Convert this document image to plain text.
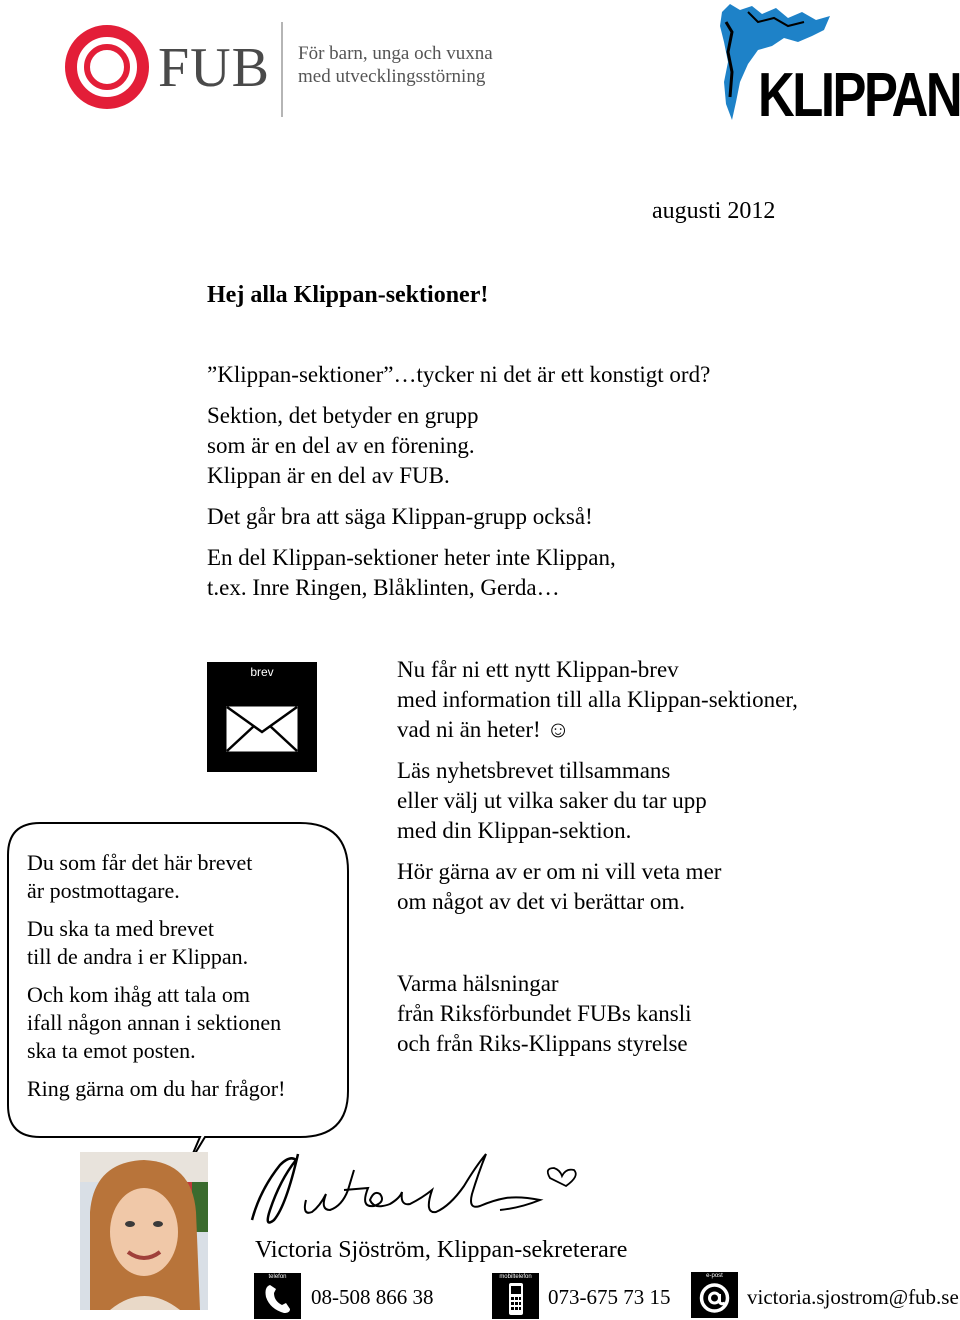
FUB För barn, unga och vuxna
med utvecklingsstörning	KLIPPAN
augusti 2012
Hej alla Klippan-sektioner!

”Klippan-sektioner”…tycker ni det är ett konstigt ord?

Sektion, det betyder en grupp
som är en del av en förening.
Klippan är en del av FUB.

Det går bra att säga Klippan-grupp också!

En del Klippan-sektioner heter inte Klippan,
t.ex. Inre Ringen, Blåklinten, Gerda…

brev	Nu får ni ett nytt Klippan-brev
med information till alla Klippan-sektioner,
vad ni än heter! ☺

Läs nyhetsbrevet tillsammans
eller välj ut vilka saker du tar upp
med din Klippan-sektion.

Hör gärna av er om ni vill veta mer
om något av det vi berättar om.

Varma hälsningar
från Riksförbundet FUBs kansli
och från Riks-Klippans styrelse

Du som får det här brevet
är postmottagare.

Du ska ta med brevet
till de andra i er Klippan.

Och kom ihåg att tala om
ifall någon annan i sektionen
ska ta emot posten.

Ring gärna om du har frågor!

Victoria Sjöström, Klippan-sekreterare
telefon
08-508 866 38
mobiltelefon
073-675 73 15
e-post
victoria.sjostrom@fub.se
